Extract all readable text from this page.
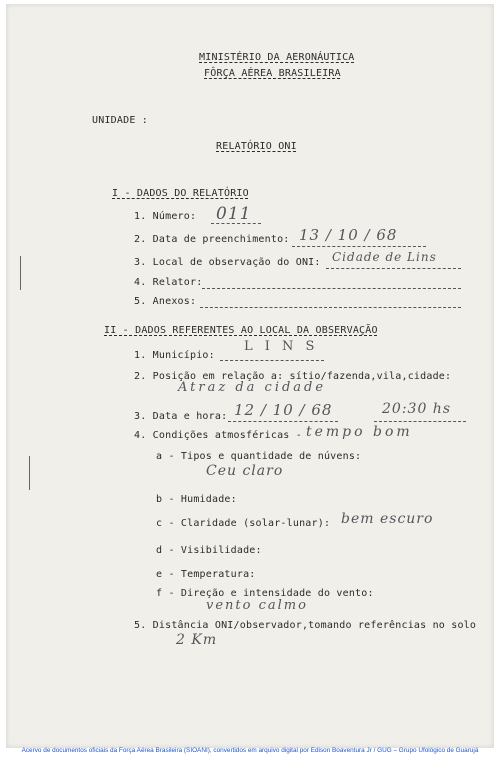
MINISTÉRIO DA AERONÁUTICA
FÔRÇA AÉREA BRASILEIRA
UNIDADE :
RELATÓRIO ONI
I - DADOS DO RELATÓRIO
1. Número: 011
2. Data de preenchimento: 13 / 10 / 68
3. Local de observação do ONI: Cidade de Lins
4. Relator:
5. Anexos:
II - DADOS REFERENTES AO LOCAL DA OBSERVAÇÃO
1. Município:
L I N S
2. Posição em relação a: sítio/fazenda,vila,cidade:
Atraz da cidade
3. Data e hora: 12 / 10 / 68	20:30 hs
4. Condições atmosféricas - tempo bom
a - Tipos e quantidade de núvens:
Ceu claro
b - Humidade:
c - Claridade (solar-lunar): bem escuro
d - Visibilidade:
e - Temperatura:
f - Direção e intensidade do vento:
vento calmo
5. Distância ONI/observador,tomando referências no solo
2 Km
Acervo de documentos oficiais da Força Aérea Brasileira (SIOANI), convertidos em arquivo digital por Edison Boaventura Jr / GUG – Grupo Ufológico de Guarujá
